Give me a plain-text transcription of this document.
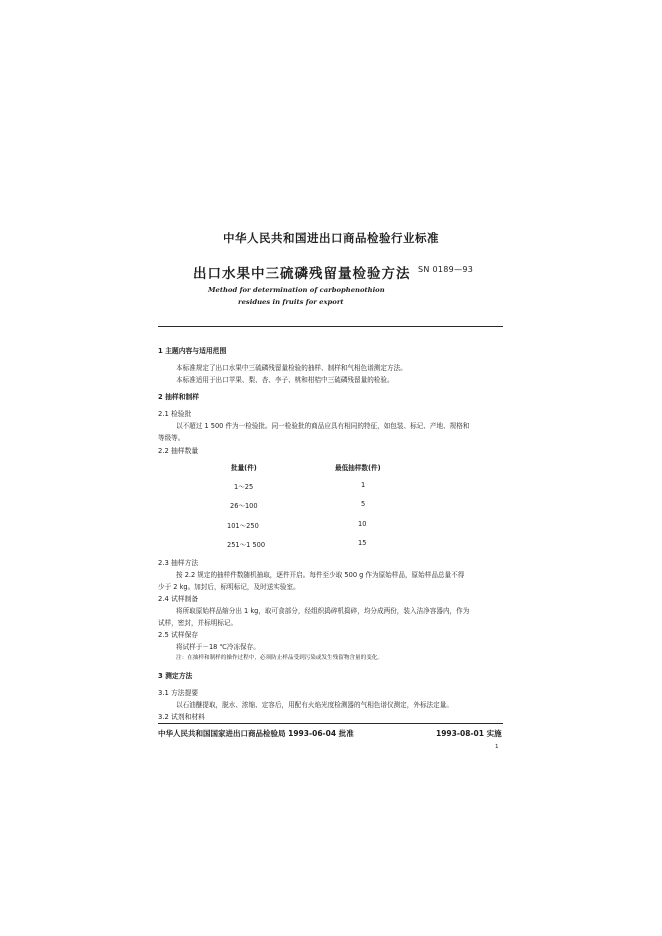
中华人民共和国进出口商品检验行业标准
出口水果中三硫磷残留量检验方法 SN 0189—93
Method for determination of carbophenothion
residues in fruits for export
1 主题内容与适用范围
本标准规定了出口水果中三硫磷残留量检验的抽样、制样和气相色谱测定方法。
本标准适用于出口苹果、梨、杏、李子、桃和柑桔中三硫磷残留量的检验。
2 抽样和制样
2.1 检验批
以不超过 1 500 件为一检验批。同一检验批的商品应具有相同的特征，如包装、标记、产地、规格和
等级等。
2.2 抽样数量
批量(件)	最低抽样数(件)
1～25	1
26～100	5
101～250	10
251～1 500	15
2.3 抽样方法
按 2.2 规定的抽样件数随机抽取，逐件开启。每件至少取 500 g 作为原始样品，原始样品总量不得
少于 2 kg。加封后，标明标记，及时送实验室。
2.4 试样制备
将所取原始样品缩分出 1 kg，取可食部分，经组织捣碎机捣碎，均分成两份，装入洁净容器内，作为
试样，密封，并标明标记。
2.5 试样保存
将试样于－18 ℃冷冻保存。
注：在抽样和制样的操作过程中，必须防止样品受到污染或发生残留物含量的变化。
3 测定方法
3.1 方法提要
以石油醚提取，脱水、浓缩、定容后，用配有火焰光度检测器的气相色谱仪测定，外标法定量。
3.2 试剂和材料
中华人民共和国国家进出口商品检验局 1993-06-04 批准	1993-08-01 实施
1
